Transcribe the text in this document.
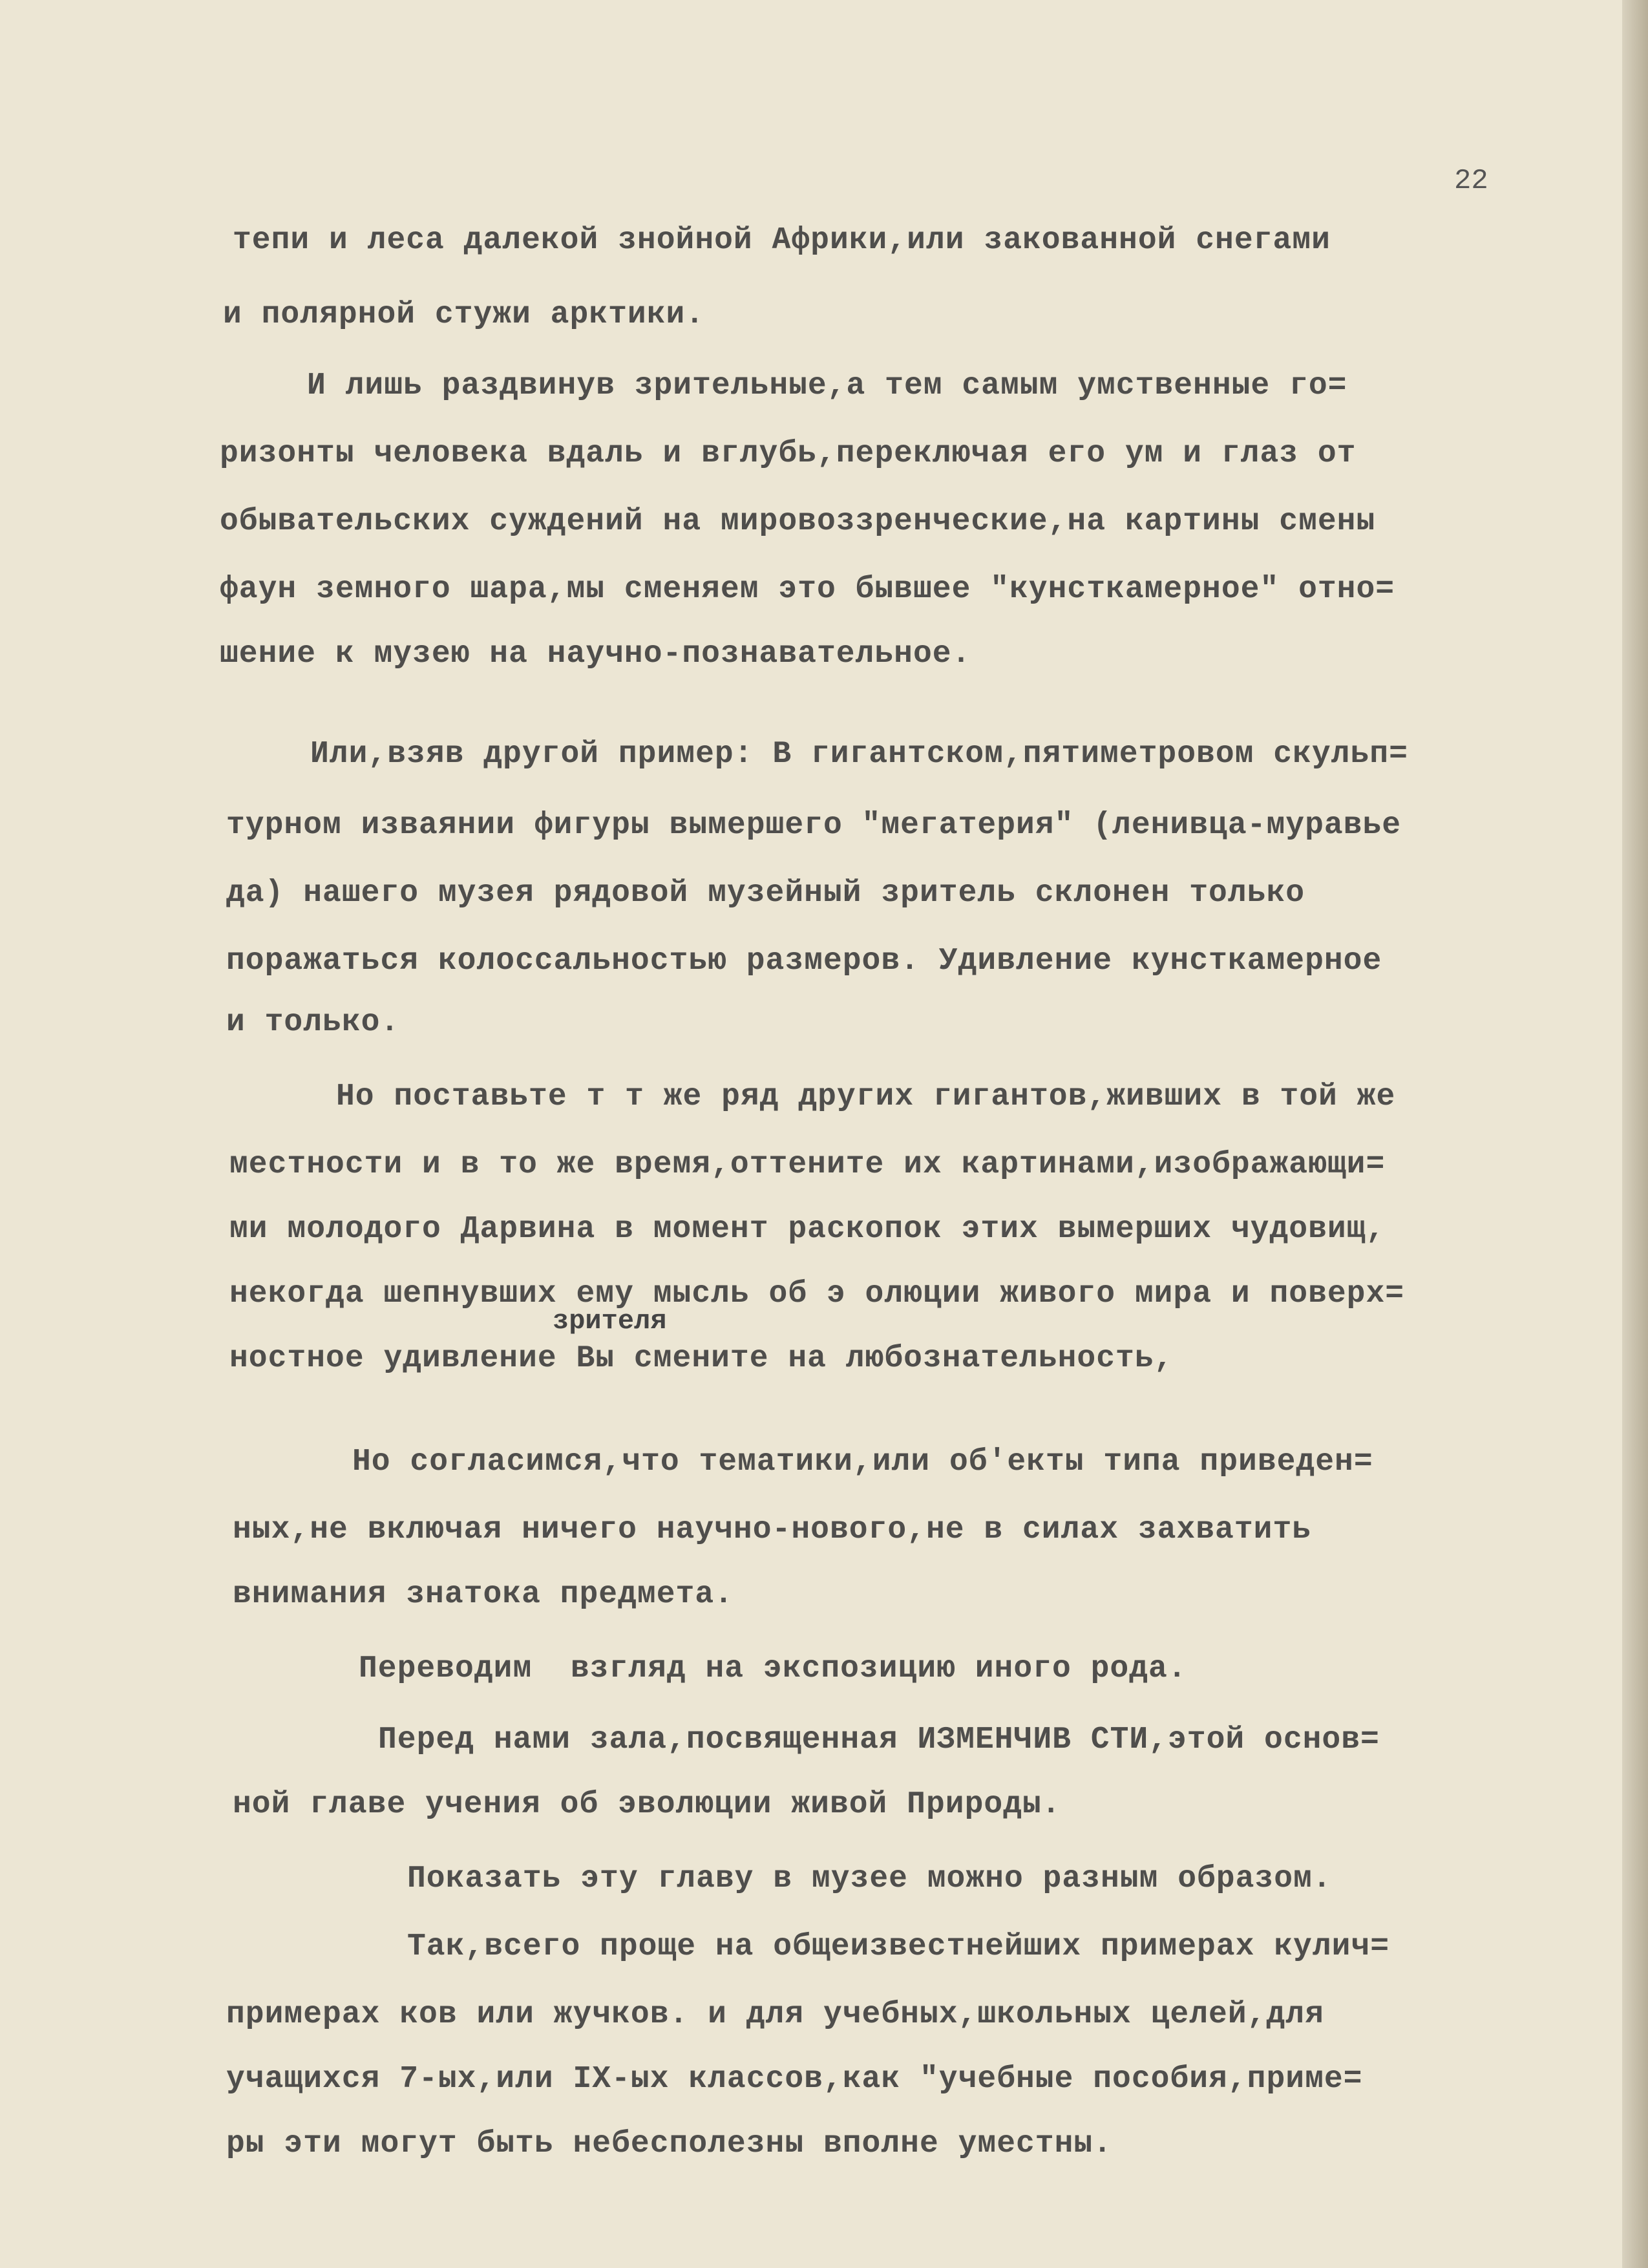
22
тепи и леса далекой знойной Африки,или закованной снегами
и полярной стужи арктики.
И лишь раздвинув зрительные,а тем самым умственные го=
ризонты человека вдаль и вглубь,переключая его ум и глаз от
обывательских суждений на мировоззренческие,на картины смены
фаун земного шара,мы сменяем это бывшее "кунсткамерное" отно=
шение к музею на научно-познавательное.
Или,взяв другой пример: В гигантском,пятиметровом скульп=
турном изваянии фигуры вымершего "мегатерия" (ленивца-муравье
да) нашего музея рядовой музейный зритель склонен только
поражаться колоссальностью размеров. Удивление кунсткамерное
и только.
Но поставьте т т же ряд других гигантов,живших в той же
местности и в то же время,оттените их картинами,изображающи=
ми молодого Дарвина в момент раскопок этих вымерших чудовищ,
некогда шепнувших ему мысль об э олюции живого мира и поверх=
зрителя
ностное удивление Вы смените на любознательность,
Но согласимся,что тематики,или об'екты типа приведен=
ных,не включая ничего научно-нового,не в силах захватить
внимания знатока предмета.
Переводим  взгляд на экспозицию иного рода.
Перед нами зала,посвященная ИЗМЕНЧИВ СТИ,этой основ=
ной главе учения об эволюции живой Природы.
Показать эту главу в музее можно разным образом.
Так,всего проще на общеизвестнейших примерах кулич=
примерах ков или жучков. и для учебных,школьных целей,для
учащихся 7-ых,или IX-ых классов,как "учебные пособия,приме=
ры эти могут быть небесполезны вполне уместны.
